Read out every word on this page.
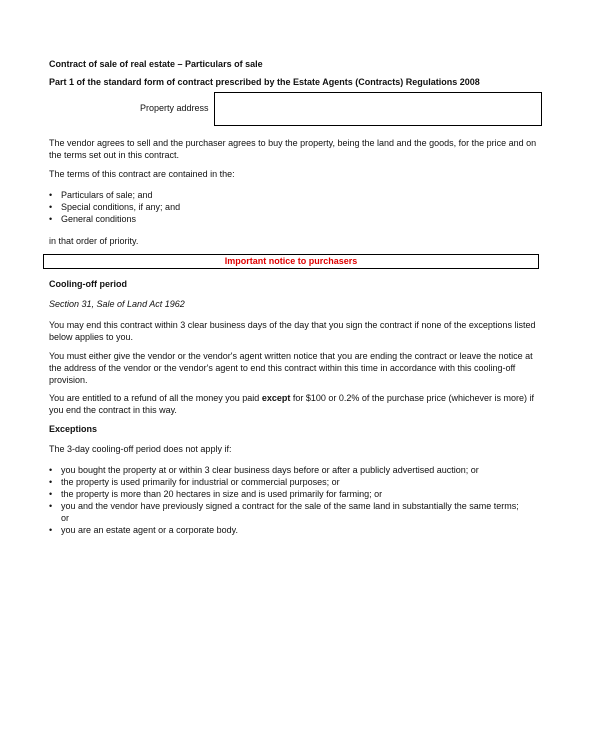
Contract of sale of real estate – Particulars of sale
Part 1 of the standard form of contract prescribed by the Estate Agents (Contracts) Regulations 2008
Property address
The vendor agrees to sell and the purchaser agrees to buy the property, being the land and the goods, for the price and on the terms set out in this contract.
The terms of this contract are contained in the:
• Particulars of sale; and
• Special conditions, if any; and
• General conditions
in that order of priority.
Important notice to purchasers
Cooling-off period
Section 31, Sale of Land Act 1962
You may end this contract within 3 clear business days of the day that you sign the contract if none of the exceptions listed below applies to you.
You must either give the vendor or the vendor's agent written notice that you are ending the contract or leave the notice at the address of the vendor or the vendor's agent to end this contract within this time in accordance with this cooling-off provision.
You are entitled to a refund of all the money you paid except for $100 or 0.2% of the purchase price (whichever is more) if you end the contract in this way.
Exceptions
The 3-day cooling-off period does not apply if:
• you bought the property at or within 3 clear business days before or after a publicly advertised auction; or
• the property is used primarily for industrial or commercial purposes; or
• the property is more than 20 hectares in size and is used primarily for farming; or
• you and the vendor have previously signed a contract for the sale of the same land in substantially the same terms; or
• you are an estate agent or a corporate body.
